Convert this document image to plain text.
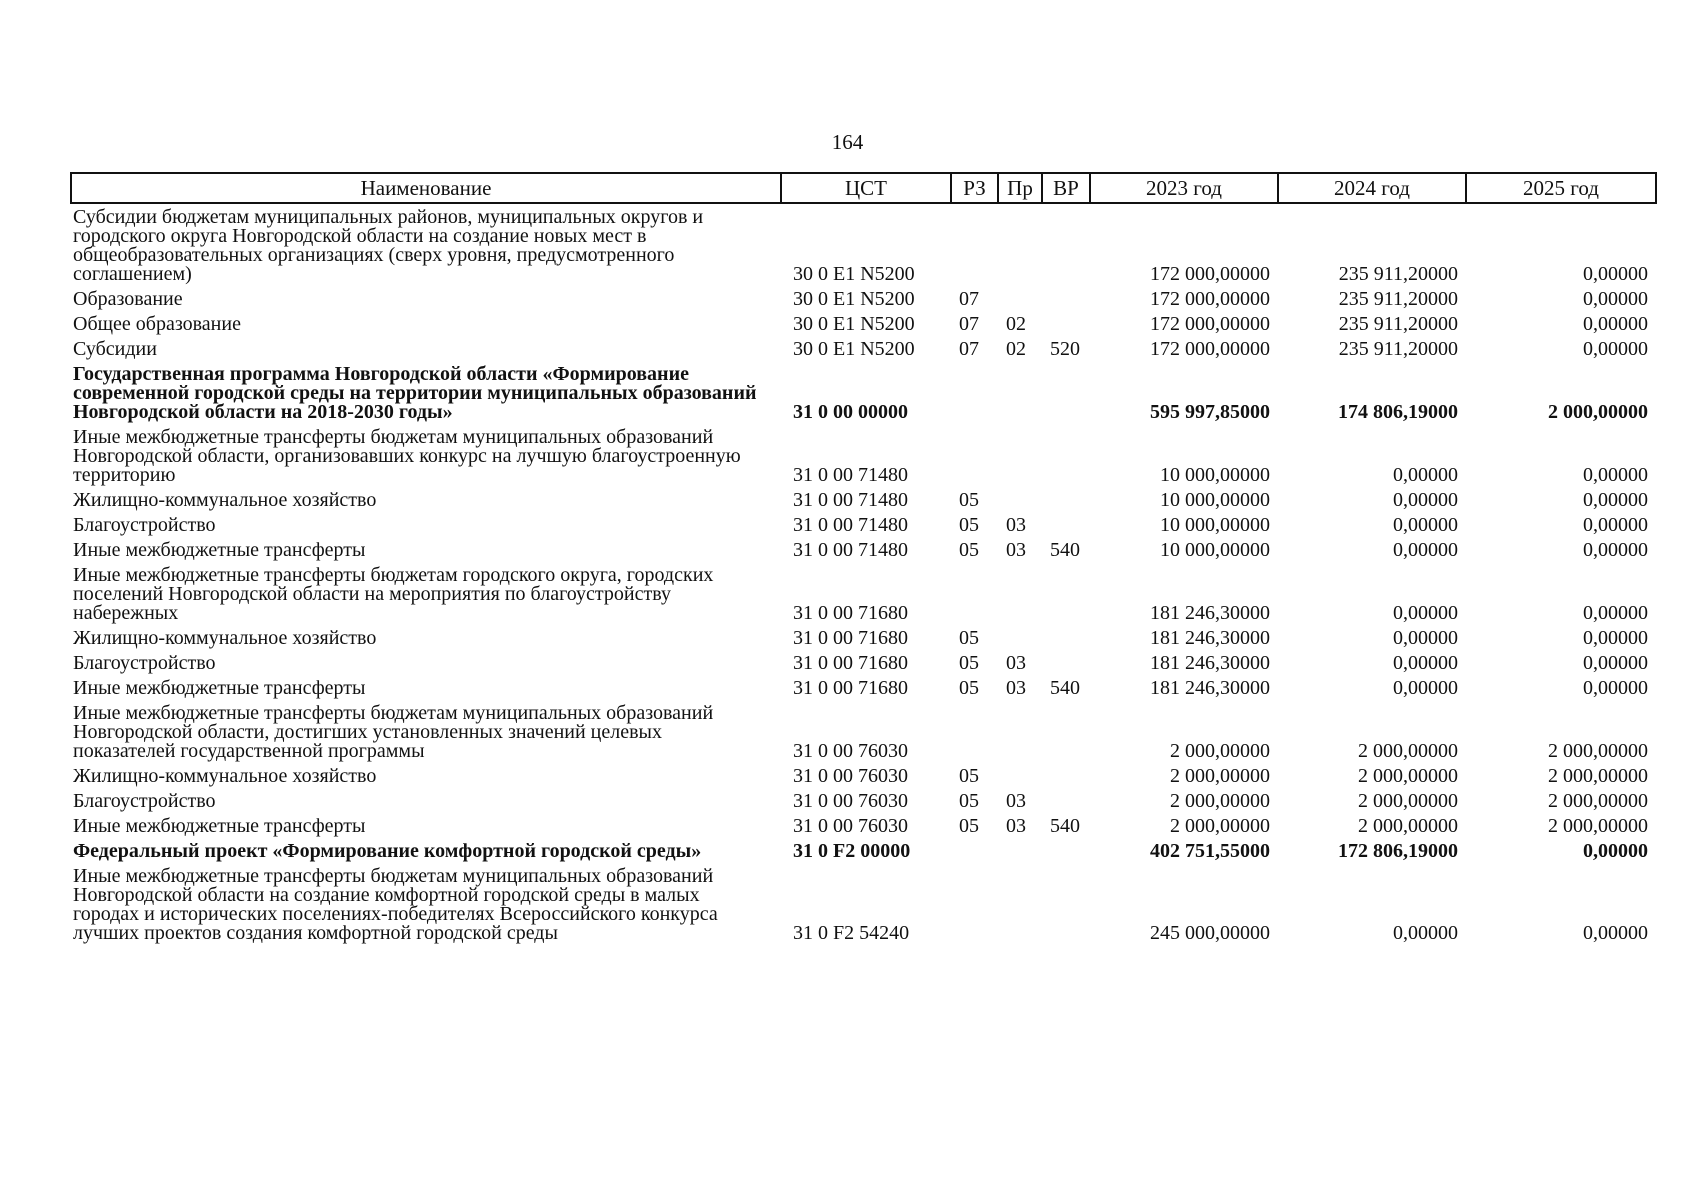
164
Наименование	ЦСТ	РЗ	Пр	ВР	2023 год	2024 год	2025 год
Субсидии бюджетам муниципальных районов, муниципальных округов и городского округа Новгородской области на создание новых мест в общеобразовательных организациях (сверх уровня, предусмотренного соглашением)	30 0 E1 N5200				172 000,00000	235 911,20000	0,00000
Образование	30 0 E1 N5200	07			172 000,00000	235 911,20000	0,00000
Общее образование	30 0 E1 N5200	07	02		172 000,00000	235 911,20000	0,00000
Субсидии	30 0 E1 N5200	07	02	520	172 000,00000	235 911,20000	0,00000
Государственная программа Новгородской области «Формирование современной городской среды на территории муниципальных образований Новгородской области на 2018-2030 годы»	31 0 00 00000				595 997,85000	174 806,19000	2 000,00000
Иные межбюджетные трансферты бюджетам муниципальных образований Новгородской области, организовавших конкурс на лучшую благоустроенную территорию	31 0 00 71480				10 000,00000	0,00000	0,00000
Жилищно-коммунальное хозяйство	31 0 00 71480	05			10 000,00000	0,00000	0,00000
Благоустройство	31 0 00 71480	05	03		10 000,00000	0,00000	0,00000
Иные межбюджетные трансферты	31 0 00 71480	05	03	540	10 000,00000	0,00000	0,00000
Иные межбюджетные трансферты бюджетам городского округа, городских поселений Новгородской области на мероприятия по благоустройству набережных	31 0 00 71680				181 246,30000	0,00000	0,00000
Жилищно-коммунальное хозяйство	31 0 00 71680	05			181 246,30000	0,00000	0,00000
Благоустройство	31 0 00 71680	05	03		181 246,30000	0,00000	0,00000
Иные межбюджетные трансферты	31 0 00 71680	05	03	540	181 246,30000	0,00000	0,00000
Иные межбюджетные трансферты бюджетам муниципальных образований Новгородской области, достигших установленных значений целевых показателей государственной программы	31 0 00 76030				2 000,00000	2 000,00000	2 000,00000
Жилищно-коммунальное хозяйство	31 0 00 76030	05			2 000,00000	2 000,00000	2 000,00000
Благоустройство	31 0 00 76030	05	03		2 000,00000	2 000,00000	2 000,00000
Иные межбюджетные трансферты	31 0 00 76030	05	03	540	2 000,00000	2 000,00000	2 000,00000
Федеральный проект «Формирование комфортной городской среды»	31 0 F2 00000				402 751,55000	172 806,19000	0,00000
Иные межбюджетные трансферты бюджетам муниципальных образований Новгородской области на создание комфортной городской среды в малых городах и исторических поселениях-победителях Всероссийского конкурса лучших проектов создания комфортной городской среды	31 0 F2 54240				245 000,00000	0,00000	0,00000
